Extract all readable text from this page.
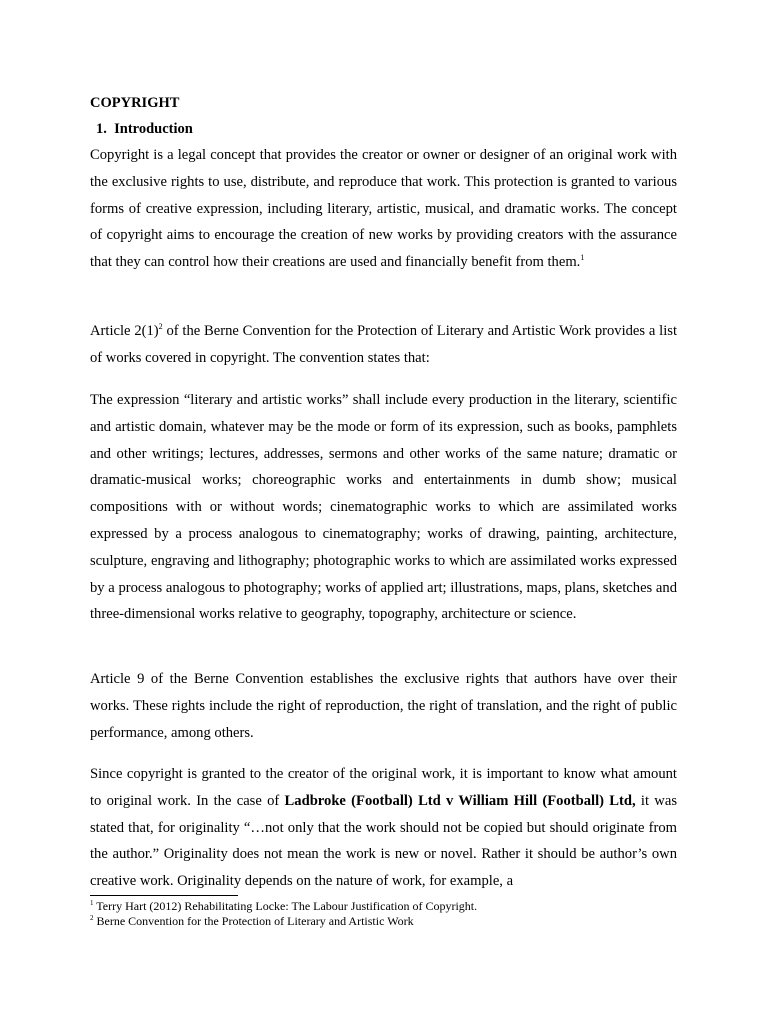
COPYRIGHT

1. Introduction

Copyright is a legal concept that provides the creator or owner or designer of an original work with the exclusive rights to use, distribute, and reproduce that work. This protection is granted to various forms of creative expression, including literary, artistic, musical, and dramatic works. The concept of copyright aims to encourage the creation of new works by providing creators with the assurance that they can control how their creations are used and financially benefit from them.$^1$

Article $2(1)^2$ of the Berne Convention for the Protection of Literary and Artistic Work provides a list of works covered in copyright. The convention states that:

The expression “literary and artistic works” shall include every production in the literary, scientific and artistic domain, whatever may be the mode or form of its expression, such as books, pamphlets and other writings; lectures, addresses, sermons and other works of the same nature; dramatic or dramatic-musical works; choreographic works and entertainments in dumb show; musical compositions with or without words; cinematographic works to which are assimilated works expressed by a process analogous to cinematography; works of drawing, painting, architecture, sculpture, engraving and lithography; photographic works to which are assimilated works expressed by a process analogous to photography; works of applied art; illustrations, maps, plans, sketches and three-dimensional works relative to geography, topography, architecture or science.

Article 9 of the Berne Convention establishes the exclusive rights that authors have over their works. These rights include the right of reproduction, the right of translation, and the right of public performance, among others.

Since copyright is granted to the creator of the original work, it is important to know what amount to original work. In the case of Ladbroke (Football) Ltd v William Hill (Football) Ltd, it was stated that, for originality “…not only that the work should not be copied but should originate from the author.” Originality does not mean the work is new or novel. Rather it should be author’s own creative work. Originality depends on the nature of work, for example, a

$^1$ Terry Hart (2012) Rehabilitating Locke: The Labour Justification of Copyright.
$^2$ Berne Convention for the Protection of Literary and Artistic Work
